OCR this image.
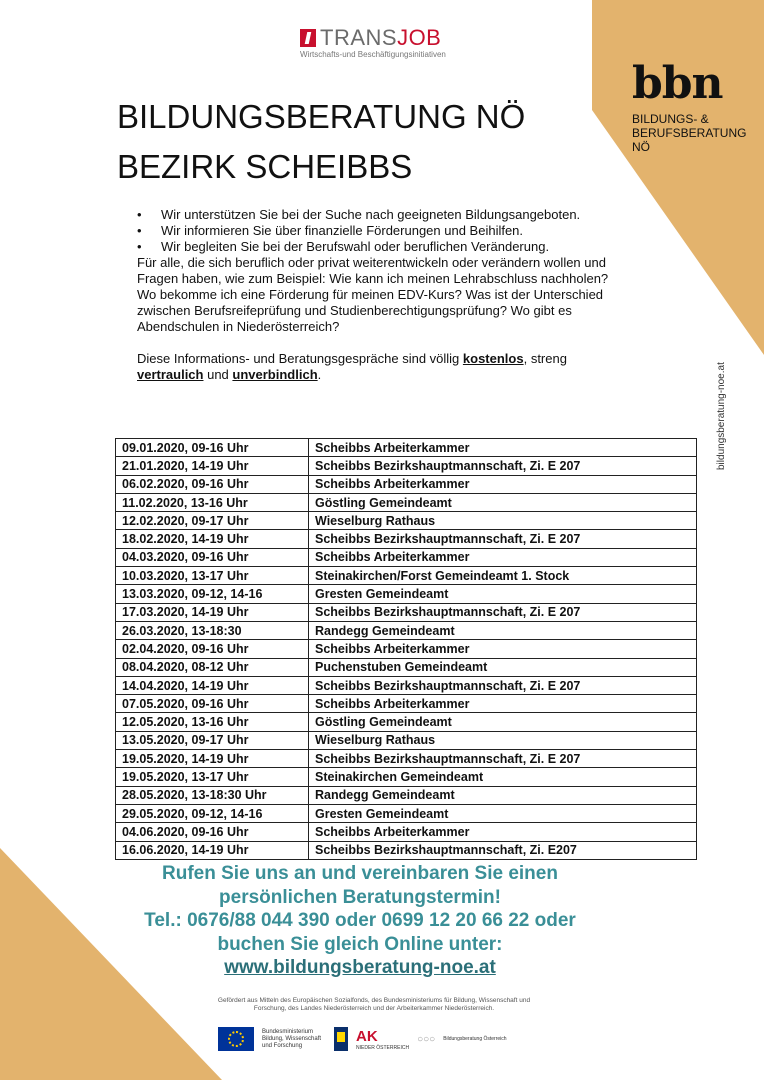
TRANSJOB
Wirtschafts-und Beschäftigungsinitiativen
bbn
BILDUNGS- &
BERUFSBERATUNG
NÖ
bildungsberatung-noe.at
BILDUNGSBERATUNG NÖ
BEZIRK SCHEIBBS
• Wir unterstützen Sie bei der Suche nach geeigneten Bildungsangeboten.
• Wir informieren Sie über finanzielle Förderungen und Beihilfen.
• Wir begleiten Sie bei der Berufswahl oder beruflichen Veränderung.

Für alle, die sich beruflich oder privat weiterentwickeln oder verändern wollen und Fragen haben, wie zum Beispiel: Wie kann ich meinen Lehrabschluss nachholen? Wo bekomme ich eine Förderung für meinen EDV-Kurs? Was ist der Unterschied zwischen Berufsreifeprüfung und Studienberechtigungsprüfung? Wo gibt es Abendschulen in Niederösterreich?

Diese Informations- und Beratungsgespräche sind völlig kostenlos, streng vertraulich und unverbindlich.

09.01.2020, 09-16 Uhr	Scheibbs Arbeiterkammer
21.01.2020, 14-19 Uhr	Scheibbs Bezirkshauptmannschaft, Zi. E 207
06.02.2020, 09-16 Uhr	Scheibbs Arbeiterkammer
11.02.2020, 13-16 Uhr	Göstling Gemeindeamt
12.02.2020, 09-17 Uhr	Wieselburg Rathaus
18.02.2020, 14-19 Uhr	Scheibbs Bezirkshauptmannschaft, Zi. E 207
04.03.2020, 09-16 Uhr	Scheibbs Arbeiterkammer
10.03.2020, 13-17 Uhr	Steinakirchen/Forst Gemeindeamt 1. Stock
13.03.2020, 09-12, 14-16	Gresten Gemeindeamt
17.03.2020, 14-19 Uhr	Scheibbs Bezirkshauptmannschaft, Zi. E 207
26.03.2020, 13-18:30	Randegg Gemeindeamt
02.04.2020, 09-16 Uhr	Scheibbs Arbeiterkammer
08.04.2020, 08-12 Uhr	Puchenstuben Gemeindeamt
14.04.2020, 14-19 Uhr	Scheibbs Bezirkshauptmannschaft, Zi. E 207
07.05.2020, 09-16 Uhr	Scheibbs Arbeiterkammer
12.05.2020, 13-16 Uhr	Göstling Gemeindeamt
13.05.2020, 09-17 Uhr	Wieselburg Rathaus
19.05.2020, 14-19 Uhr	Scheibbs Bezirkshauptmannschaft, Zi. E 207
19.05.2020, 13-17 Uhr	Steinakirchen Gemeindeamt
28.05.2020, 13-18:30 Uhr	Randegg Gemeindeamt
29.05.2020, 09-12, 14-16	Gresten Gemeindeamt
04.06.2020, 09-16 Uhr	Scheibbs Arbeiterkammer
16.06.2020, 14-19 Uhr	Scheibbs Bezirkshauptmannschaft, Zi. E207
Rufen Sie uns an und vereinbaren Sie einen
persönlichen Beratungstermin!
Tel.: 0676/88 044 390 oder 0699 12 20 66 22 oder
buchen Sie gleich Online unter:
www.bildungsberatung-noe.at
Gefördert aus Mitteln des Europäischen Sozialfonds, des Bundesministeriums für Bildung, Wissenschaft und Forschung, des Landes Niederösterreich und der Arbeiterkammer Niederösterreich.
Bundesministerium Bildung, Wissenschaft und Forschung
AK
NIEDER ÖSTERREICH
○○○ Bildungsberatung Österreich
